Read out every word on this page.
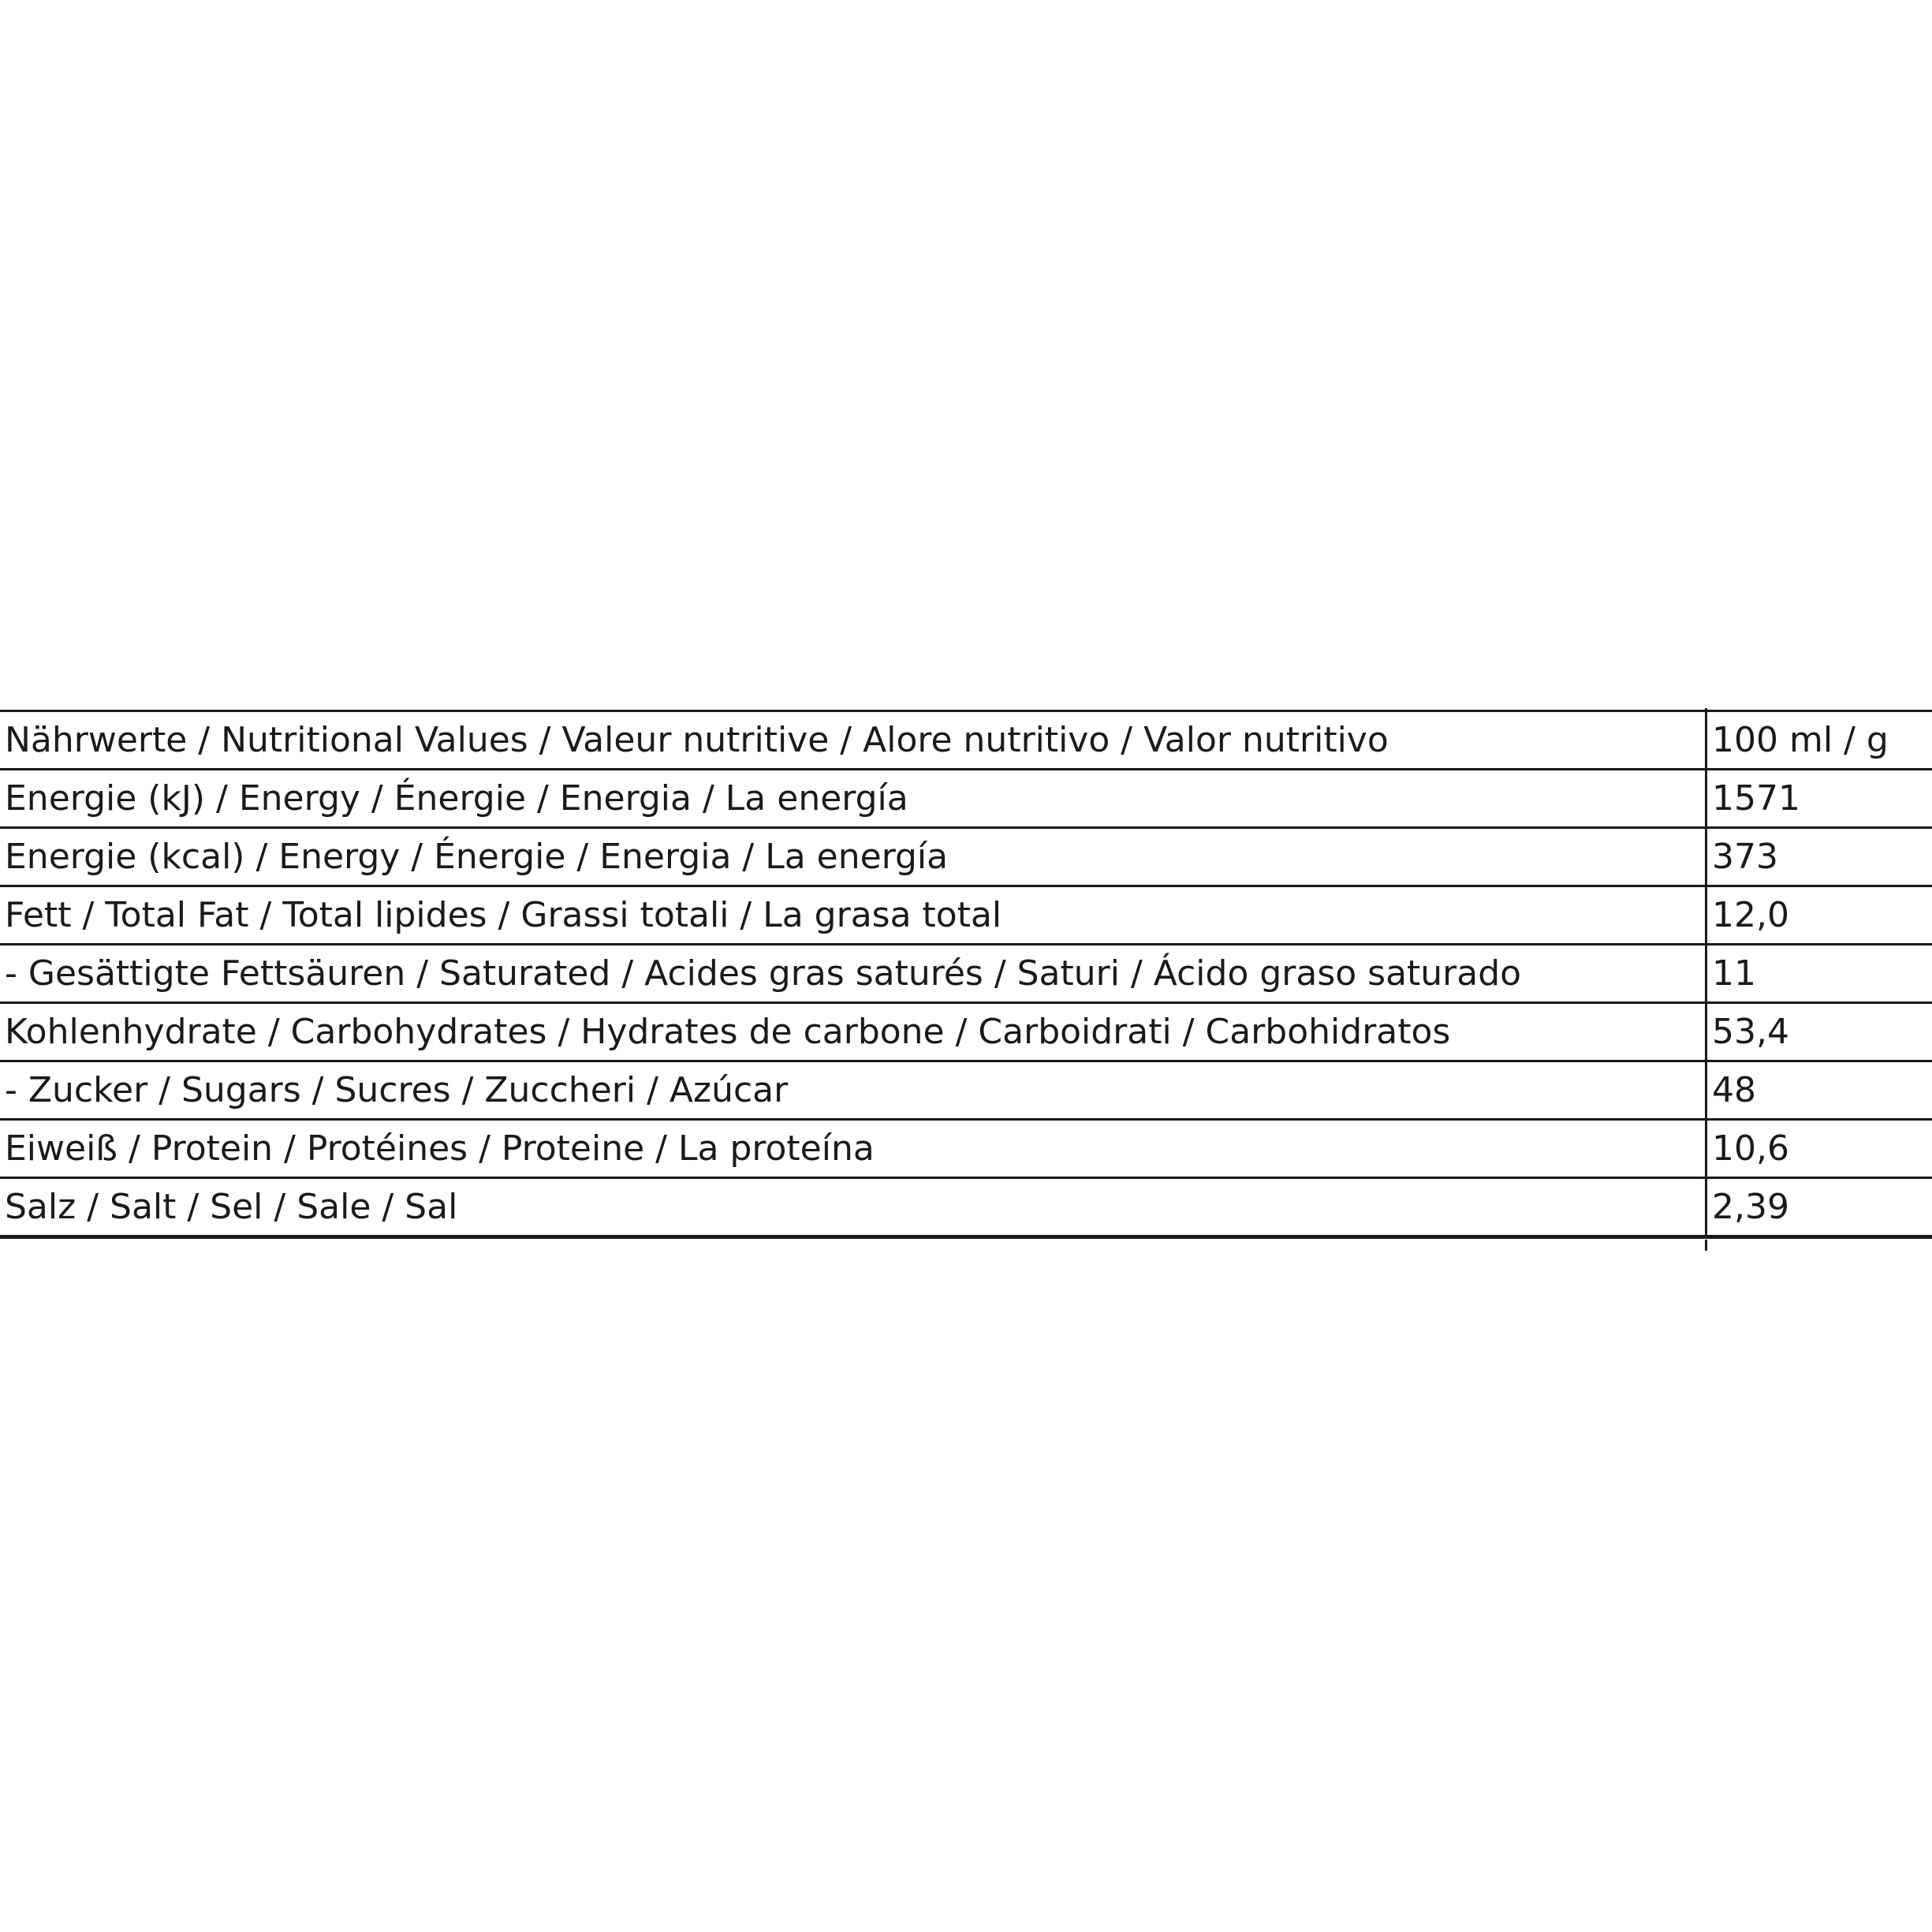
Nährwerte / Nutritional Values / Valeur nutritive / Alore nutritivo / Valor nutritivo	100 ml / g
Energie (kJ) / Energy / Énergie / Energia / La energía	1571
Energie (kcal) / Energy / Énergie / Energia / La energía	373
Fett / Total Fat / Total lipides / Grassi totali / La grasa total	12,0
- Gesättigte Fettsäuren / Saturated / Acides gras saturés / Saturi / Ácido graso saturado	11
Kohlenhydrate / Carbohydrates / Hydrates de carbone / Carboidrati / Carbohidratos	53,4
- Zucker / Sugars / Sucres / Zuccheri / Azúcar	48
Eiweiß / Protein / Protéines / Proteine / La proteína	10,6
Salz / Salt / Sel / Sale / Sal	2,39
